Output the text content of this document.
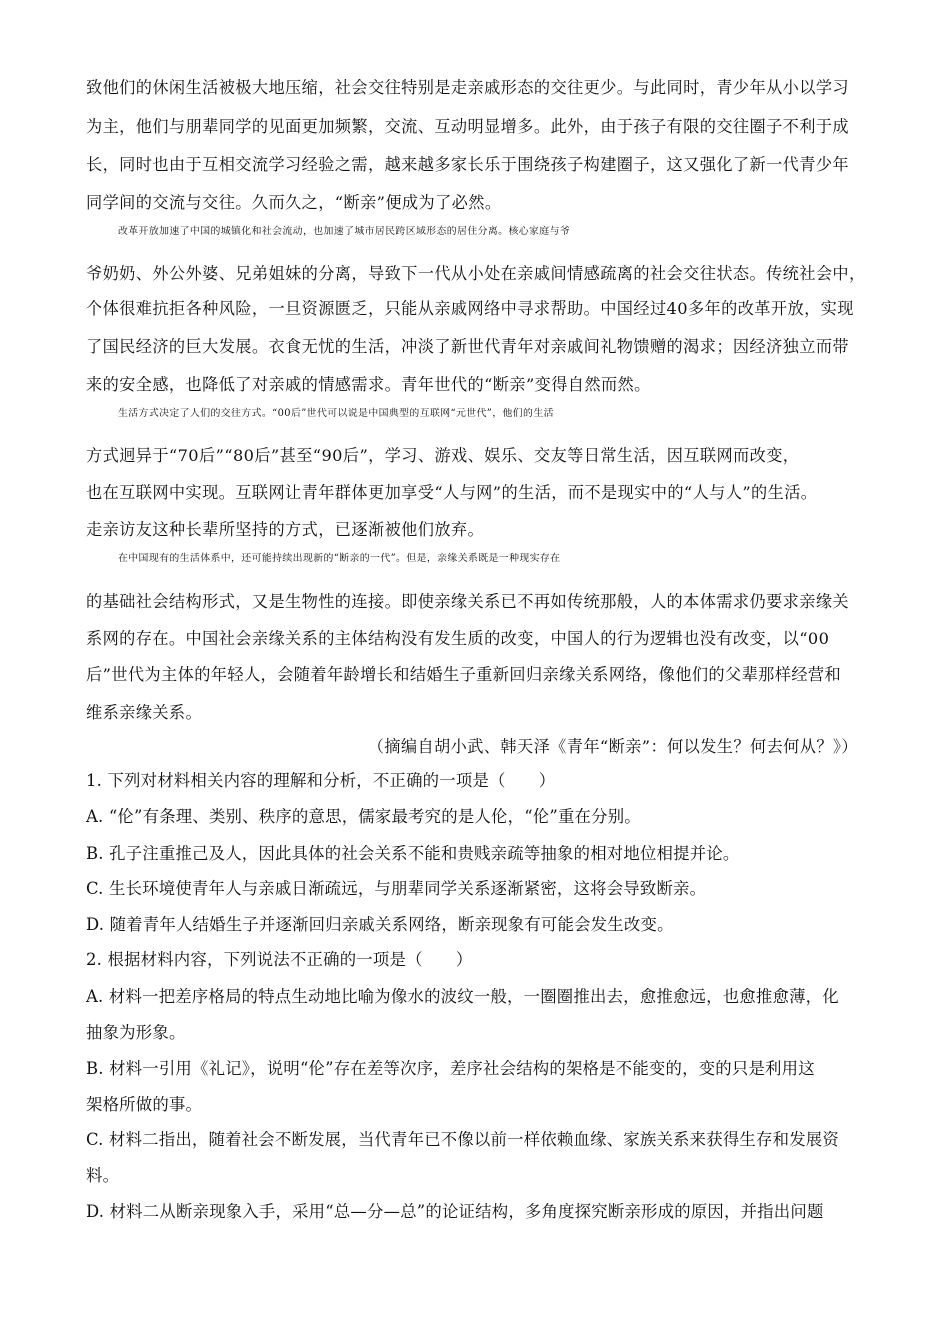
致他们的休闲生活被极大地压缩，社会交往特别是走亲戚形态的交往更少。与此同时，青少年从小以学习
为主，他们与朋辈同学的见面更加频繁，交流、互动明显增多。此外，由于孩子有限的交往圈子不利于成
长，同时也由于互相交流学习经验之需，越来越多家长乐于围绕孩子构建圈子，这又强化了新一代青少年
同学间的交流与交往。久而久之，“断亲”便成为了必然。
改革开放加速了中国的城镇化和社会流动，也加速了城市居民跨区域形态的居住分离。核心家庭与爷
爷奶奶、外公外婆、兄弟姐妹的分离，导致下一代从小处在亲戚间情感疏离的社会交往状态。传统社会中，
个体很难抗拒各种风险，一旦资源匮乏，只能从亲戚网络中寻求帮助。中国经过40多年的改革开放，实现
了国民经济的巨大发展。衣食无忧的生活，冲淡了新世代青年对亲戚间礼物馈赠的渴求；因经济独立而带
来的安全感，也降低了对亲戚的情感需求。青年世代的“断亲”变得自然而然。
生活方式决定了人们的交往方式。“00后”世代可以说是中国典型的互联网“元世代”，他们的生活
方式迥异于“70后”“80后”甚至“90后”，学习、游戏、娱乐、交友等日常生活，因互联网而改变，
也在互联网中实现。互联网让青年群体更加享受“人与网”的生活，而不是现实中的“人与人”的生活。
走亲访友这种长辈所坚持的方式，已逐渐被他们放弃。
在中国现有的生活体系中，还可能持续出现新的“断亲的一代”。但是，亲缘关系既是一种现实存在
的基础社会结构形式，又是生物性的连接。即使亲缘关系已不再如传统那般，人的本体需求仍要求亲缘关
系网的存在。中国社会亲缘关系的主体结构没有发生质的改变，中国人的行为逻辑也没有改变，以“00
后”世代为主体的年轻人，会随着年龄增长和结婚生子重新回归亲缘关系网络，像他们的父辈那样经营和
维系亲缘关系。
（摘编自胡小武、韩天泽《青年“断亲”：何以发生？何去何从？》）
1. 下列对材料相关内容的理解和分析，不正确的一项是（　　）
A. “伦”有条理、类别、秩序的意思，儒家最考究的是人伦，“伦”重在分别。
B. 孔子注重推己及人，因此具体的社会关系不能和贵贱亲疏等抽象的相对地位相提并论。
C. 生长环境使青年人与亲戚日渐疏远，与朋辈同学关系逐渐紧密，这将会导致断亲。
D. 随着青年人结婚生子并逐渐回归亲戚关系网络，断亲现象有可能会发生改变。
2. 根据材料内容，下列说法不正确的一项是（　　）
A. 材料一把差序格局的特点生动地比喻为像水的波纹一般，一圈圈推出去，愈推愈远，也愈推愈薄，化
抽象为形象。
B. 材料一引用《礼记》，说明“伦”存在差等次序，差序社会结构的架格是不能变的，变的只是利用这
架格所做的事。
C. 材料二指出，随着社会不断发展，当代青年已不像以前一样依赖血缘、家族关系来获得生存和发展资
料。
D. 材料二从断亲现象入手，采用“总—分—总”的论证结构，多角度探究断亲形成的原因，并指出问题
